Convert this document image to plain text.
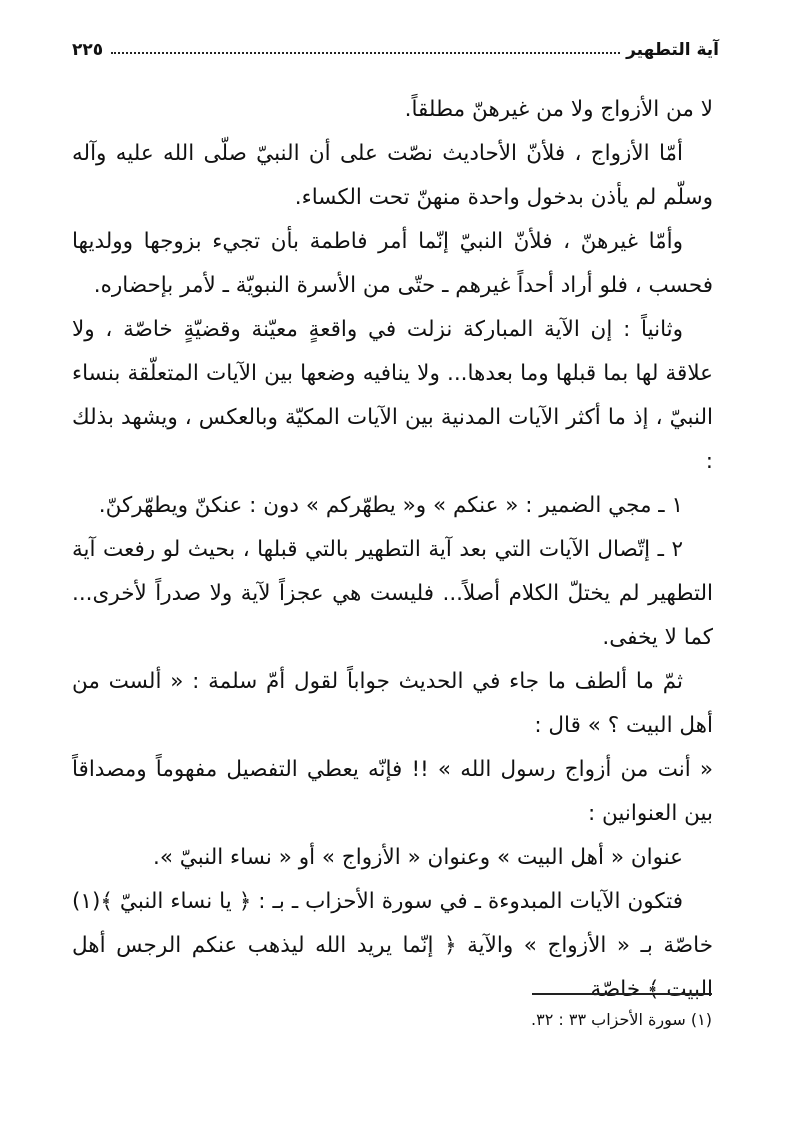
آية التطهير
٢٢٥

لا من الأزواج ولا من غيرهنّ مطلقاً.

أمّا الأزواج ، فلأنّ الأحاديث نصّت على أن النبيّ صلّى الله عليه وآله وسلّم لم يأذن بدخول واحدة منهنّ تحت الكساء.

وأمّا غيرهنّ ، فلأنّ النبيّ إنّما أمر فاطمة بأن تجيء بزوجها وولديها فحسب ، فلو أراد أحداً غيرهم ـ حتّى من الأسرة النبويّة ـ لأمر بإحضاره.

وثانياً : إن الآية المباركة نزلت في واقعةٍ معيّنة وقضيّةٍ خاصّة ، ولا علاقة لها بما قبلها وما بعدها... ولا ينافيه وضعها بين الآيات المتعلّقة بنساء النبيّ ، إذ ما أكثر الآيات المدنية بين الآيات المكيّة وبالعكس ، ويشهد بذلك :

١ ـ مجي الضمير : « عنكم » و« يطهّركم » دون : عنكنّ ويطهّركنّ.

٢ ـ إتّصال الآيات التي بعد آية التطهير بالتي قبلها ، بحيث لو رفعت آية التطهير لم يختلّ الكلام أصلاً... فليست هي عجزاً لآية ولا صدراً لأخرى... كما لا يخفى.

ثمّ ما ألطف ما جاء في الحديث جواباً لقول أمّ سلمة : « ألست من أهل البيت ؟ » قال :

« أنت من أزواج رسول الله » !! فإنّه يعطي التفصيل مفهوماً ومصداقاً بين العنوانين :

عنوان « أهل البيت » وعنوان « الأزواج » أو « نساء النبيّ ».

فتكون الآيات المبدوءة ـ في سورة الأحزاب ـ بـ : ﴿ يا نساء النبيّ ﴾(١) خاصّة بـ « الأزواج » والآية ﴿ إنّما يريد الله ليذهب عنكم الرجس أهل البيت ﴾ خاصّة

(١) سورة الأحزاب ٣٣ : ٣٢.
